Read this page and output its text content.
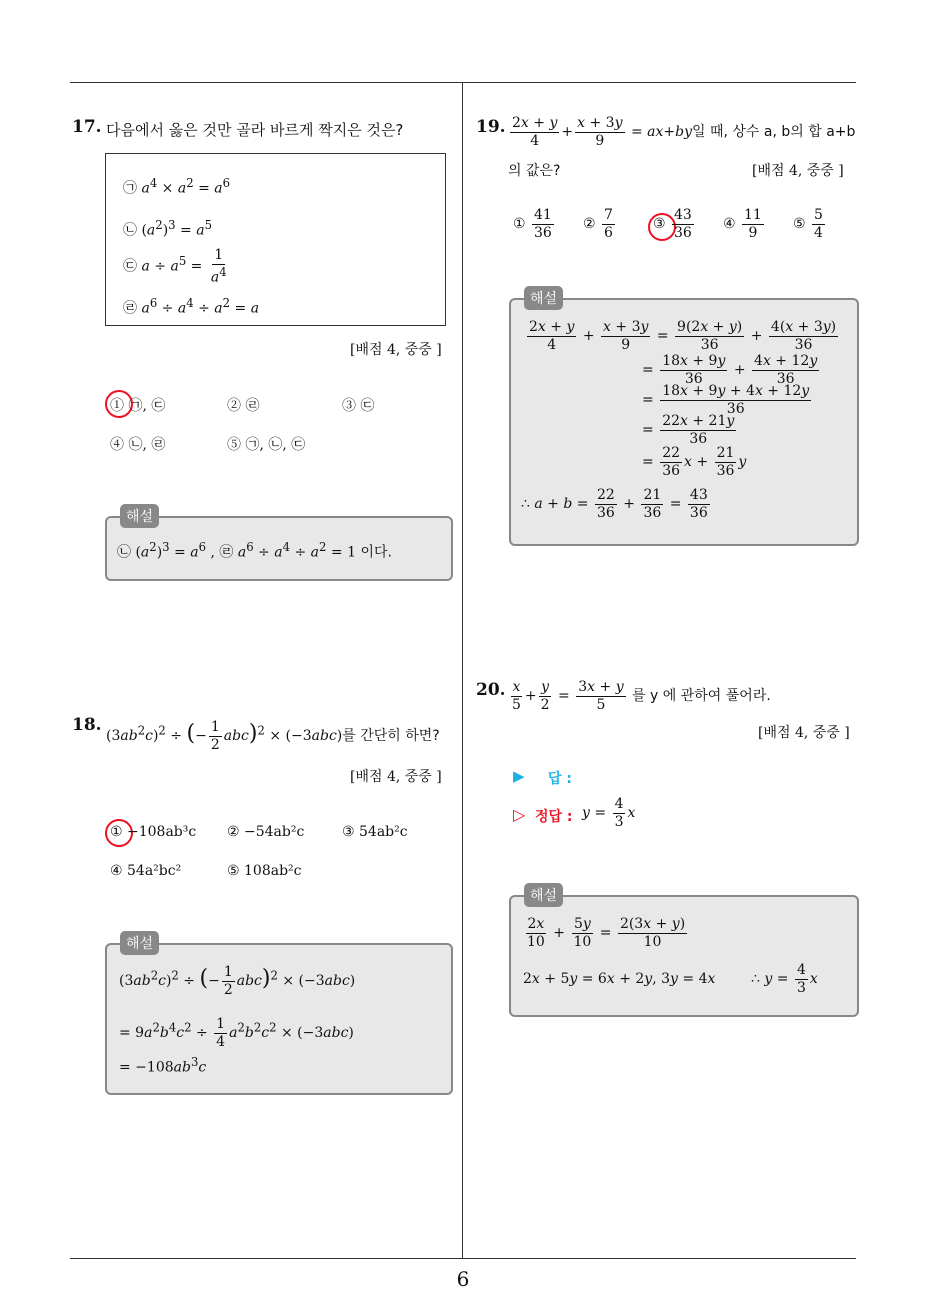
17. 다음에서 옳은 것만 골라 바르게 짝지은 것은?
㉠ $a^4 \times a^2 = a^6$
㉡ $(a^2)^3 = a^5$
㉢ $a \div a^5 = \frac{1}{a^4}$
㉣ $a^6 \div a^4 \div a^2 = a$
[배점 4, 중중 ]
① ㉠, ㉢	② ㉣	③ ㉢
④ ㉡, ㉣	⑤ ㉠, ㉡, ㉢
㉡ $(a^2)^3 = a^6$ , ㉣ $a^6 \div a^4 \div a^2 = 1$ 이다.
해설
18.
$(3ab^2c)^2$ ÷ (− $\frac{1}{2} abc)^2 \times (-3abc)$를 간단히 하면?
[배점 4, 중중 ]
① −108ab³c ② −54ab²c	③ 54ab²c
④ 54a²bc²	⑤ 108ab²c
$(3ab^2c)^2$ ÷ (− $\frac{1}{2} abc)^2 \times (-3abc)$
= $9a^2b^4c^2 \div \frac{1}{4} a^2b^2c^2 \times (-3abc)$
= $-108ab^3c$
해설
19. $\frac{2x + y}{4} + \frac{x + 3y}{9} = ax+by$일 때, 상수 a, b의 합 a+b
의 값은?	[배점 4, 중중 ]
① $\frac{41}{36}$ ② $\frac{7}{6}$	③ $\frac{43}{36}$ ④ $\frac{11}{9}$ ⑤ $\frac{5}{4}$
$\frac{2x + y}{4} + \frac{x + 3y}{9} = \frac{9(2x + y)}{36} + \frac{4(x + 3y)}{36}$
= $\frac{18x + 9y}{36} + \frac{4x + 12y}{36}$
= $\frac{18x + 9y + 4x + 12y}{36}$
= $\frac{22x + 21y}{36}$
= $\frac{22}{36}$ $x + \frac{21}{36}$ y
∴ $a + b = \frac{22}{36} + \frac{21}{36} = \frac{43}{36}$
해설
20. $\frac{x}{5} + \frac{y}{2} = \frac{3x + y}{5}$ 를 y 에 관하여 풀어라.
[배점 4, 중중 ]
▶ 답 :
▷ 정답 : $y = \frac{4}{3}$ x
$\frac{2x}{10} + \frac{5y}{10} = \frac{2(3x + y)}{10}$
2x + 5y = 6x + 2y, 3y = 4x        ∴ $y = \frac{4}{3}$ x
해설
6
